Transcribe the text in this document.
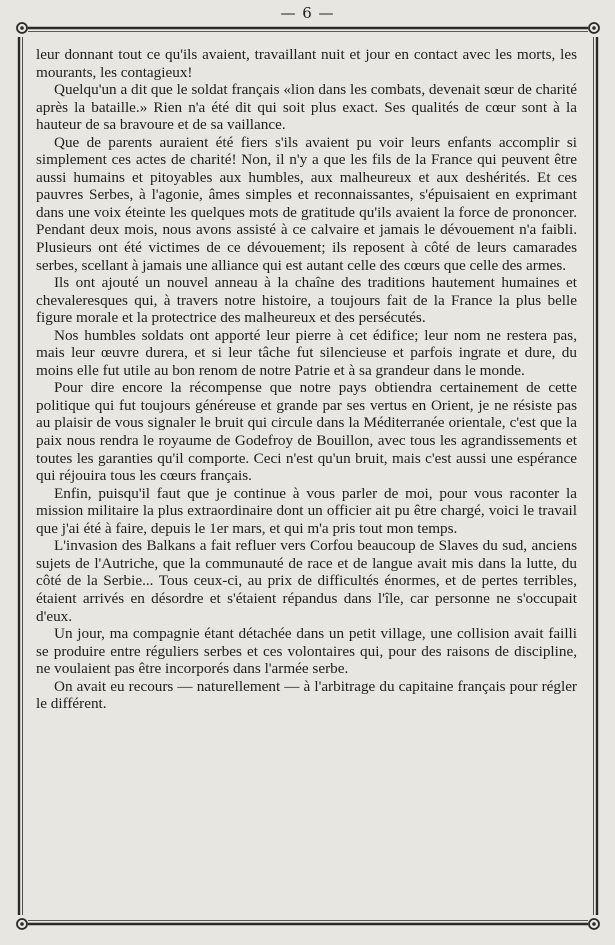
— 6 —

leur donnant tout ce qu'ils avaient, travaillant nuit et jour en contact avec les morts, les mourants, les contagieux!

Quelqu'un a dit que le soldat français «lion dans les combats, devenait sœur de charité après la bataille.» Rien n'a été dit qui soit plus exact. Ses qualités de cœur sont à la hauteur de sa bravoure et de sa vaillance.

Que de parents auraient été fiers s'ils avaient pu voir leurs enfants accomplir si simplement ces actes de charité! Non, il n'y a que les fils de la France qui peuvent être aussi humains et pitoyables aux humbles, aux malheureux et aux deshérités. Et ces pauvres Serbes, à l'agonie, âmes simples et reconnaissantes, s'épuisaient en exprimant dans une voix éteinte les quelques mots de gratitude qu'ils avaient la force de prononcer. Pendant deux mois, nous avons assisté à ce calvaire et jamais le dévouement n'a faibli. Plusieurs ont été victimes de ce dévouement; ils reposent à côté de leurs camarades serbes, scellant à jamais une alliance qui est autant celle des cœurs que celle des armes.

Ils ont ajouté un nouvel anneau à la chaîne des traditions hautement humaines et chevaleresques qui, à travers notre histoire, a toujours fait de la France la plus belle figure morale et la protectrice des malheureux et des persécutés.

Nos humbles soldats ont apporté leur pierre à cet édifice; leur nom ne restera pas, mais leur œuvre durera, et si leur tâche fut silencieuse et parfois ingrate et dure, du moins elle fut utile au bon renom de notre Patrie et à sa grandeur dans le monde.

Pour dire encore la récompense que notre pays obtiendra certainement de cette politique qui fut toujours généreuse et grande par ses vertus en Orient, je ne résiste pas au plaisir de vous signaler le bruit qui circule dans la Méditerranée orientale, c'est que la paix nous rendra le royaume de Godefroy de Bouillon, avec tous les agrandissements et toutes les garanties qu'il comporte. Ceci n'est qu'un bruit, mais c'est aussi une espérance qui réjouira tous les cœurs français.

Enfin, puisqu'il faut que je continue à vous parler de moi, pour vous raconter la mission militaire la plus extraordinaire dont un officier ait pu être chargé, voici le travail que j'ai été à faire, depuis le 1er mars, et qui m'a pris tout mon temps.

L'invasion des Balkans a fait refluer vers Corfou beaucoup de Slaves du sud, anciens sujets de l'Autriche, que la communauté de race et de langue avait mis dans la lutte, du côté de la Serbie... Tous ceux-ci, au prix de difficultés énormes, et de pertes terribles, étaient arrivés en désordre et s'étaient répandus dans l'île, car personne ne s'occupait d'eux.

Un jour, ma compagnie étant détachée dans un petit village, une collision avait failli se produire entre réguliers serbes et ces volontaires qui, pour des raisons de discipline, ne voulaient pas être incorporés dans l'armée serbe.

On avait eu recours — naturellement — à l'arbitrage du capitaine français pour régler le différent.
